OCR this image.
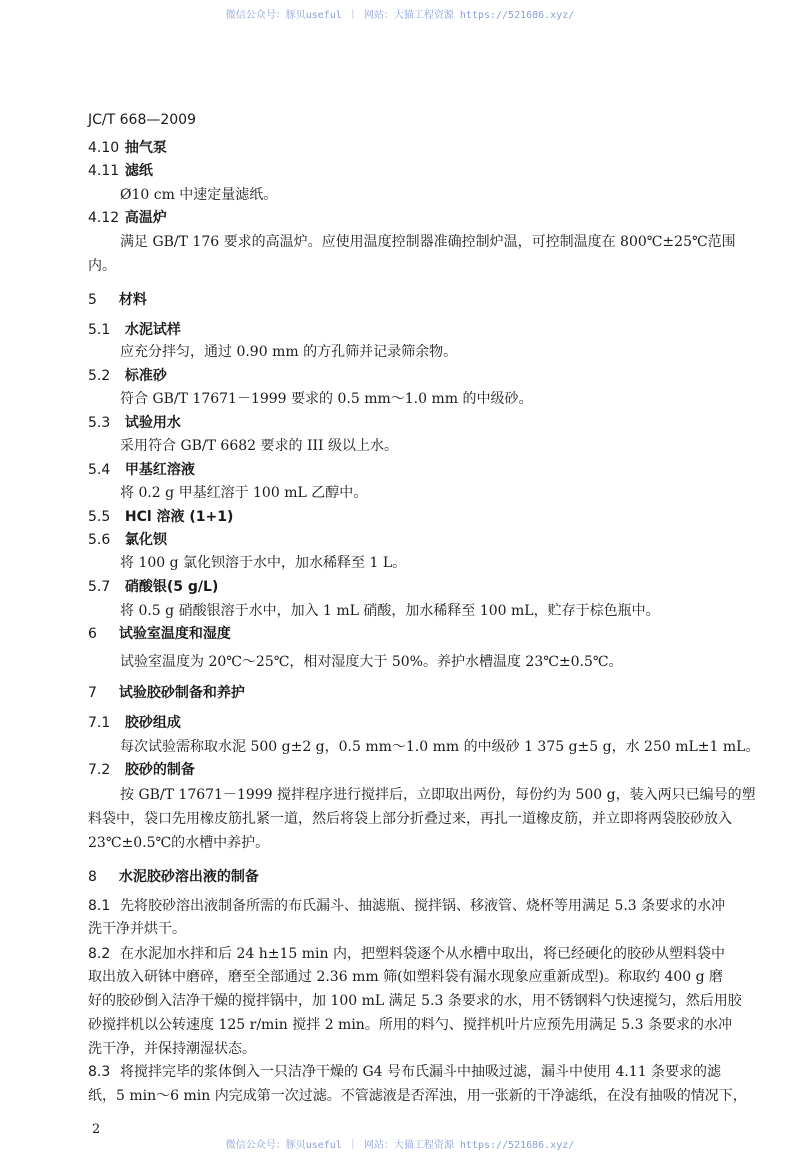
微信公众号：豚贝useful ｜ 网站：大猫工程资源 https://521686.xyz/
JC/T 668—2009
4.10 抽气泵
4.11 滤纸
Ø10 cm 中速定量滤纸。
4.12 高温炉
满足 GB/T 176 要求的高温炉。应使用温度控制器准确控制炉温，可控制温度在 800℃±25℃范围
内。
5 材料
5.1 水泥试样
应充分拌匀，通过 0.90 mm 的方孔筛并记录筛余物。
5.2 标准砂
符合 GB/T 17671－1999 要求的 0.5 mm～1.0 mm 的中级砂。
5.3 试验用水
采用符合 GB/T 6682 要求的 III 级以上水。
5.4 甲基红溶液
将 0.2 g 甲基红溶于 100 mL 乙醇中。
5.5 HCl 溶液 (1+1)
5.6 氯化钡
将 100 g 氯化钡溶于水中，加水稀释至 1 L。
5.7 硝酸银(5 g/L)
将 0.5 g 硝酸银溶于水中，加入 1 mL 硝酸，加水稀释至 100 mL，贮存于棕色瓶中。
6 试验室温度和湿度
试验室温度为 20℃～25℃，相对湿度大于 50%。养护水槽温度 23℃±0.5℃。
7 试验胶砂制备和养护
7.1 胶砂组成
每次试验需称取水泥 500 g±2 g，0.5 mm～1.0 mm 的中级砂 1 375 g±5 g，水 250 mL±1 mL。
7.2 胶砂的制备
按 GB/T 17671－1999 搅拌程序进行搅拌后，立即取出两份，每份约为 500 g，装入两只已编号的塑
料袋中，袋口先用橡皮筋扎紧一道，然后将袋上部分折叠过来，再扎一道橡皮筋，并立即将两袋胶砂放入
23℃±0.5℃的水槽中养护。
8 水泥胶砂溶出液的制备
8.1 先将胶砂溶出液制备所需的布氏漏斗、抽滤瓶、搅拌锅、移液管、烧杯等用满足 5.3 条要求的水冲
洗干净并烘干。
8.2 在水泥加水拌和后 24 h±15 min 内，把塑料袋逐个从水槽中取出，将已经硬化的胶砂从塑料袋中
取出放入研钵中磨碎，磨至全部通过 2.36 mm 筛(如塑料袋有漏水现象应重新成型)。称取约 400 g 磨
好的胶砂倒入洁净干燥的搅拌锅中，加 100 mL 满足 5.3 条要求的水，用不锈钢料勺快速搅匀，然后用胶
砂搅拌机以公转速度 125 r/min 搅拌 2 min。所用的料勺、搅拌机叶片应预先用满足 5.3 条要求的水冲
洗干净，并保持潮湿状态。
8.3 将搅拌完毕的浆体倒入一只洁净干燥的 G4 号布氏漏斗中抽吸过滤，漏斗中使用 4.11 条要求的滤
纸，5 min～6 min 内完成第一次过滤。不管滤液是否浑浊，用一张新的干净滤纸，在没有抽吸的情况下，
2
微信公众号：豚贝useful ｜ 网站：大猫工程资源 https://521686.xyz/
